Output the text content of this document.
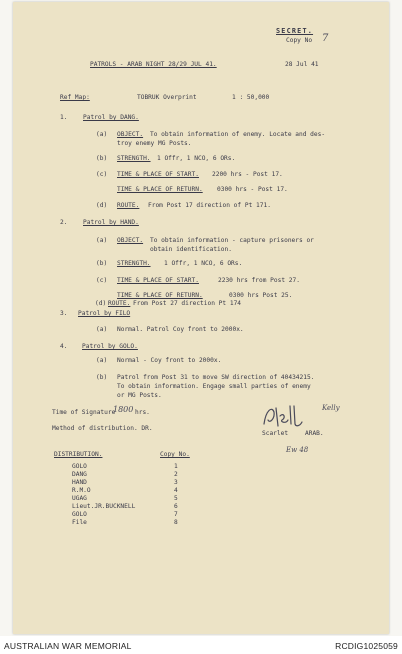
SECRET.
Copy No 7
PATROLS - ARAB NIGHT 28/29 JUL 41.	28 Jul 41
Ref Map:	TOBRUK Overprint	1 : 50,000
1.	Patrol by DANG.
(a) OBJECT. To obtain information of enemy. Locate and des-
troy enemy MG Posts.
(b) STRENGTH. 1 Offr, 1 NCO, 6 ORs.
(c) TIME & PLACE OF START. 2200 hrs - Post 17.
TIME & PLACE OF RETURN. 0300 hrs - Post 17.
(d) ROUTE. From Post 17 direction of Pt 171.
2.	Patrol by HAND.
(a) OBJECT. To obtain information - capture prisoners or
obtain identification.
(b) STRENGTH. 1 Offr, 1 NCO, 6 ORs.
(c) TIME & PLACE OF START.	2230 hrs from Post 27.
TIME & PLACE OF RETURN.	0300 hrs Post 25.
(d) ROUTE. From Post 27 direction Pt 174
3. Patrol by FILO
(a) Normal. Patrol Coy front to 2000x.
4. Patrol by GOLO.
(a) Normal - Coy front to 2000x.
(b) Patrol from Post 31 to move SW direction of 40434215.
To obtain information. Engage small parties of enemy
or MG Posts.
Time of Signature
1800 hrs.
Method of distribution. DR.
Kelly
Scarlet	ARAB.
Ew 48
DISTRIBUTION.	Copy No.
GOLO	1
DANG	2
HAND	3
R.M.O	4
UGAG	5
Lieut.JR.BUCKNELL	6
GOLO	7
File	8
AUSTRALIAN WAR MEMORIAL	RCDIG1025059
